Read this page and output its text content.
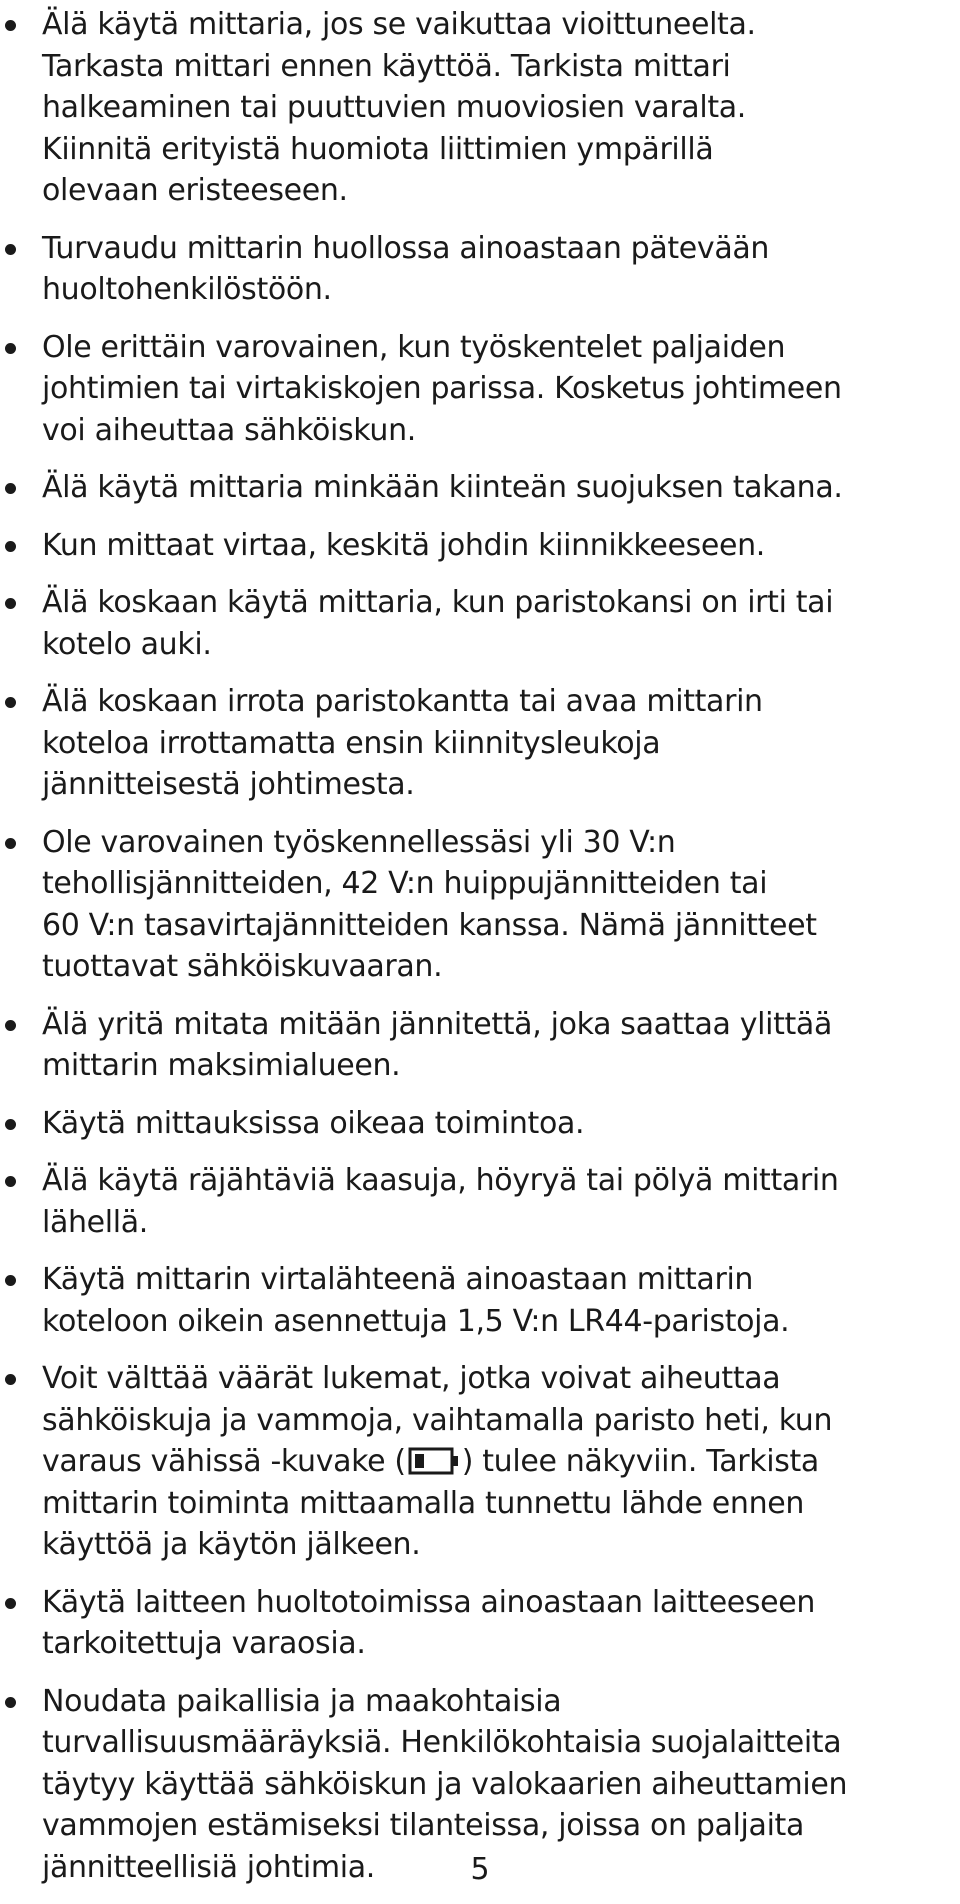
Älä käytä mittaria, jos se vaikuttaa vioittuneelta.
Tarkasta mittari ennen käyttöä. Tarkista mittari
halkeaminen tai puuttuvien muoviosien varalta.
Kiinnitä erityistä huomiota liittimien ympärillä
olevaan eristeeseen.
Turvaudu mittarin huollossa ainoastaan pätevään
huoltohenkilöstöön.
Ole erittäin varovainen, kun työskentelet paljaiden
johtimien tai virtakiskojen parissa. Kosketus johtimeen
voi aiheuttaa sähköiskun.
Älä käytä mittaria minkään kiinteän suojuksen takana.
Kun mittaat virtaa, keskitä johdin kiinnikkeeseen.
Älä koskaan käytä mittaria, kun paristokansi on irti tai
kotelo auki.
Älä koskaan irrota paristokantta tai avaa mittarin
koteloa irrottamatta ensin kiinnitysleukoja
jännitteisestä johtimesta.
Ole varovainen työskennellessäsi yli 30 V:n
tehollisjännitteiden, 42 V:n huippujännitteiden tai
60 V:n tasavirtajännitteiden kanssa. Nämä jännitteet
tuottavat sähköiskuvaaran.
Älä yritä mitata mitään jännitettä, joka saattaa ylittää
mittarin maksimialueen.
Käytä mittauksissa oikeaa toimintoa.
Älä käytä räjähtäviä kaasuja, höyryä tai pölyä mittarin
lähellä.
Käytä mittarin virtalähteenä ainoastaan mittarin
koteloon oikein asennettuja 1,5 V:n LR44-paristoja.
Voit välttää väärät lukemat, jotka voivat aiheuttaa
sähköiskuja ja vammoja, vaihtamalla paristo heti, kun
varaus vähissä -kuvake ( ) tulee näkyviin. Tarkista
mittarin toiminta mittaamalla tunnettu lähde ennen
käyttöä ja käytön jälkeen.
Käytä laitteen huoltotoimissa ainoastaan laitteeseen
tarkoitettuja varaosia.
Noudata paikallisia ja maakohtaisia
turvallisuusmääräyksiä. Henkilökohtaisia suojalaitteita
täytyy käyttää sähköiskun ja valokaarien aiheuttamien
vammojen estämiseksi tilanteissa, joissa on paljaita
jännitteellisiä johtimia.	5
